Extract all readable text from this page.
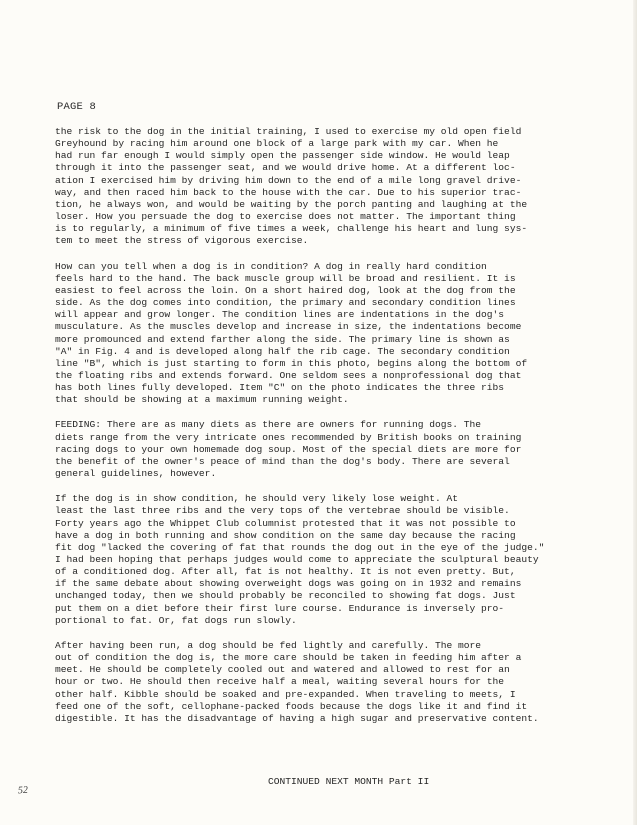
PAGE 8
the risk to the dog in the initial training, I used to exercise my old open field
Greyhound by racing him around one block of a large park with my car. When he
had run far enough I would simply open the passenger side window. He would leap
through it into the passenger seat, and we would drive home. At a different loc-
ation I exercised him by driving him down to the end of a mile long gravel drive-
way, and then raced him back to the house with the car. Due to his superior trac-
tion, he always won, and would be waiting by the porch panting and laughing at the
loser. How you persuade the dog to exercise does not matter. The important thing
is to regularly, a minimum of five times a week, challenge his heart and lung sys-
tem to meet the stress of vigorous exercise.
How can you tell when a dog is in condition? A dog in really hard condition
feels hard to the hand. The back muscle group will be broad and resilient. It is
easiest to feel across the loin. On a short haired dog, look at the dog from the
side. As the dog comes into condition, the primary and secondary condition lines
will appear and grow longer. The condition lines are indentations in the dog's
musculature. As the muscles develop and increase in size, the indentations become
more promounced and extend farther along the side. The primary line is shown as
"A" in Fig. 4 and is developed along half the rib cage. The secondary condition
line "B", which is just starting to form in this photo, begins along the bottom of
the floating ribs and extends forward. One seldom sees a nonprofessional dog that
has both lines fully developed. Item "C" on the photo indicates the three ribs
that should be showing at a maximum running weight.
FEEDING: There are as many diets as there are owners for running dogs. The
diets range from the very intricate ones recommended by British books on training
racing dogs to your own homemade dog soup. Most of the special diets are more for
the benefit of the owner's peace of mind than the dog's body. There are several
general guidelines, however.
If the dog is in show condition, he should very likely lose weight. At
least the last three ribs and the very tops of the vertebrae should be visible.
Forty years ago the Whippet Club columnist protested that it was not possible to
have a dog in both running and show condition on the same day because the racing
fit dog "lacked the covering of fat that rounds the dog out in the eye of the judge."
I had been hoping that perhaps judges would come to appreciate the sculptural beauty
of a conditioned dog. After all, fat is not healthy. It is not even pretty. But,
if the same debate about showing overweight dogs was going on in 1932 and remains
unchanged today, then we should probably be reconciled to showing fat dogs. Just
put them on a diet before their first lure course. Endurance is inversely pro-
portional to fat. Or, fat dogs run slowly.
After having been run, a dog should be fed lightly and carefully. The more
out of condition the dog is, the more care should be taken in feeding him after a
meet. He should be completely cooled out and watered and allowed to rest for an
hour or two. He should then receive half a meal, waiting several hours for the
other half. Kibble should be soaked and pre-expanded. When traveling to meets, I
feed one of the soft, cellophane-packed foods because the dogs like it and find it
digestible. It has the disadvantage of having a high sugar and preservative content.
CONTINUED NEXT MONTH Part II
52
